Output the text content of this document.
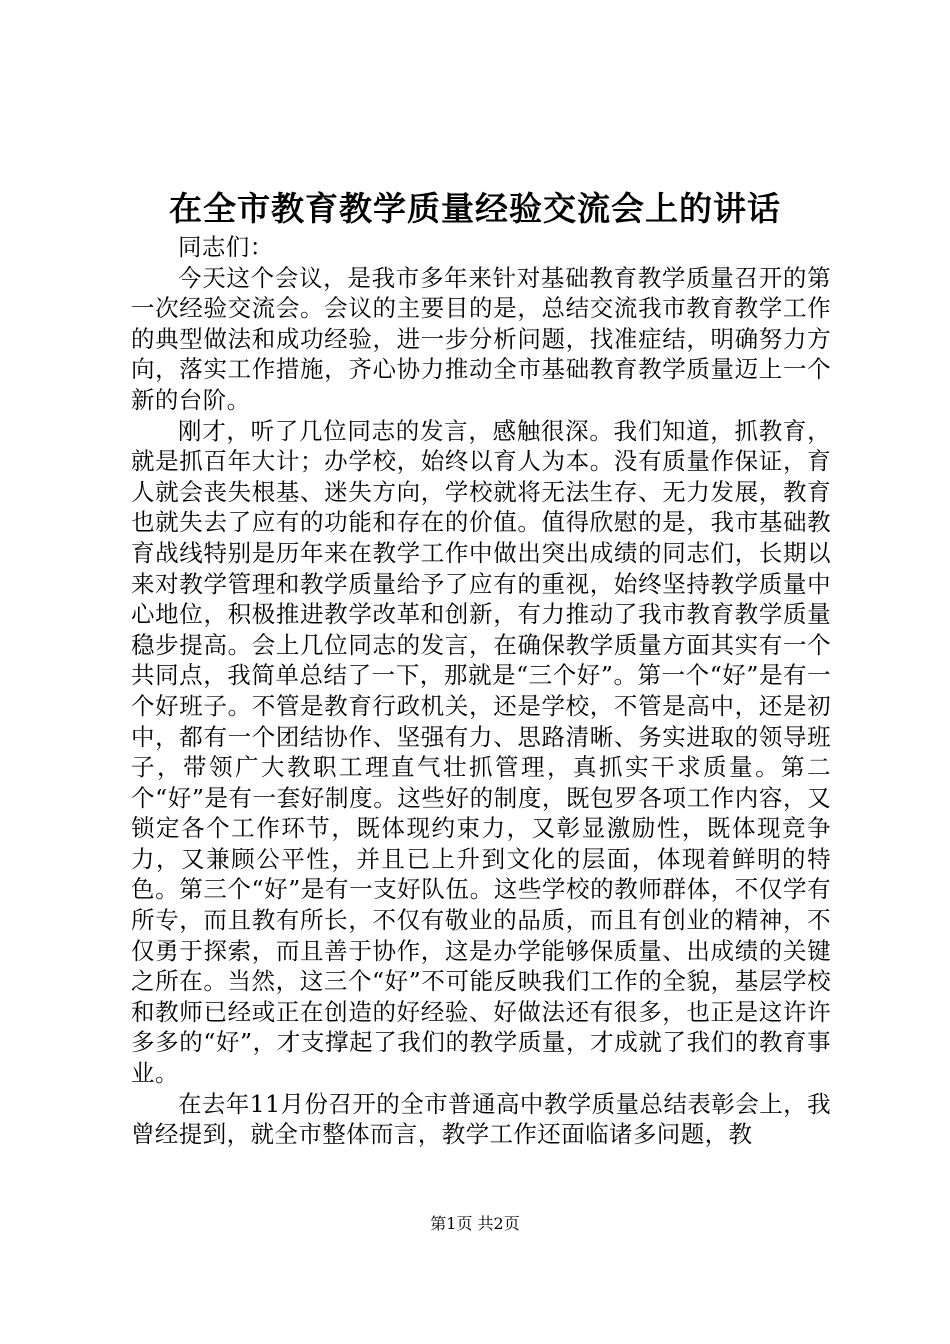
在全市教育教学质量经验交流会上的讲话

同志们：

今天这个会议，是我市多年来针对基础教育教学质量召开的第一次经验交流会。会议的主要目的是，总结交流我市教育教学工作的典型做法和成功经验，进一步分析问题，找准症结，明确努力方向，落实工作措施，齐心协力推动全市基础教育教学质量迈上一个新的台阶。

刚才，听了几位同志的发言，感触很深。我们知道，抓教育，就是抓百年大计；办学校，始终以育人为本。没有质量作保证，育人就会丧失根基、迷失方向，学校就将无法生存、无力发展，教育也就失去了应有的功能和存在的价值。值得欣慰的是，我市基础教育战线特别是历年来在教学工作中做出突出成绩的同志们，长期以来对教学管理和教学质量给予了应有的重视，始终坚持教学质量中心地位，积极推进教学改革和创新，有力推动了我市教育教学质量稳步提高。会上几位同志的发言，在确保教学质量方面其实有一个共同点，我简单总结了一下，那就是“三个好”。第一个“好”是有一个好班子。不管是教育行政机关，还是学校，不管是高中，还是初中，都有一个团结协作、坚强有力、思路清晰、务实进取的领导班子，带领广大教职工理直气壮抓管理，真抓实干求质量。第二个“好”是有一套好制度。这些好的制度，既包罗各项工作内容，又锁定各个工作环节，既体现约束力，又彰显激励性，既体现竞争力，又兼顾公平性，并且已上升到文化的层面，体现着鲜明的特色。第三个“好”是有一支好队伍。这些学校的教师群体，不仅学有所专，而且教有所长，不仅有敬业的品质，而且有创业的精神，不仅勇于探索，而且善于协作，这是办学能够保质量、出成绩的关键之所在。当然，这三个“好”不可能反映我们工作的全貌，基层学校和教师已经或正在创造的好经验、好做法还有很多，也正是这许许多多的“好”，才支撑起了我们的教学质量，才成就了我们的教育事业。

在去年11月份召开的全市普通高中教学质量总结表彰会上，我曾经提到，就全市整体而言，教学工作还面临诸多问题，教

第1页 共2页
